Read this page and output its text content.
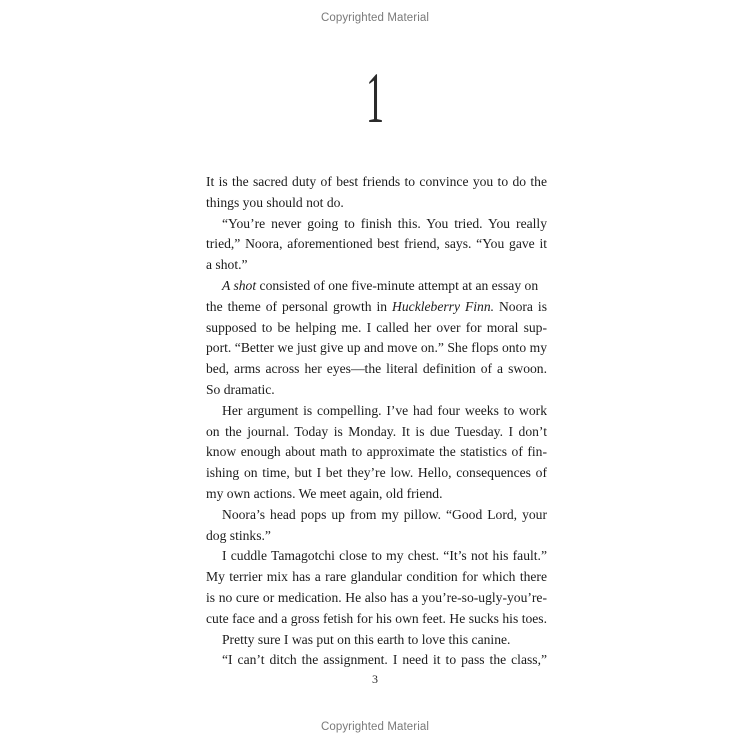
Copyrighted Material
1
It is the sacred duty of best friends to convince you to do the
things you should not do.
“You’re never going to finish this. You tried. You really
tried,” Noora, aforementioned best friend, says. “You gave it
a shot.”
A shot consisted of one five-minute attempt at an essay on
the theme of personal growth in Huckleberry Finn. Noora is
supposed to be helping me. I called her over for moral sup-
port. “Better we just give up and move on.” She flops onto my
bed, arms across her eyes—the literal definition of a swoon.
So dramatic.
Her argument is compelling. I’ve had four weeks to work
on the journal. Today is Monday. It is due Tuesday. I don’t
know enough about math to approximate the statistics of fin-
ishing on time, but I bet they’re low. Hello, consequences of
my own actions. We meet again, old friend.
Noora’s head pops up from my pillow. “Good Lord, your
dog stinks.”
I cuddle Tamagotchi close to my chest. “It’s not his fault.”
My terrier mix has a rare glandular condition for which there
is no cure or medication. He also has a you’re-so-ugly-you’re-
cute face and a gross fetish for his own feet. He sucks his toes.
Pretty sure I was put on this earth to love this canine.
“I can’t ditch the assignment. I need it to pass the class,”
3
Copyrighted Material
